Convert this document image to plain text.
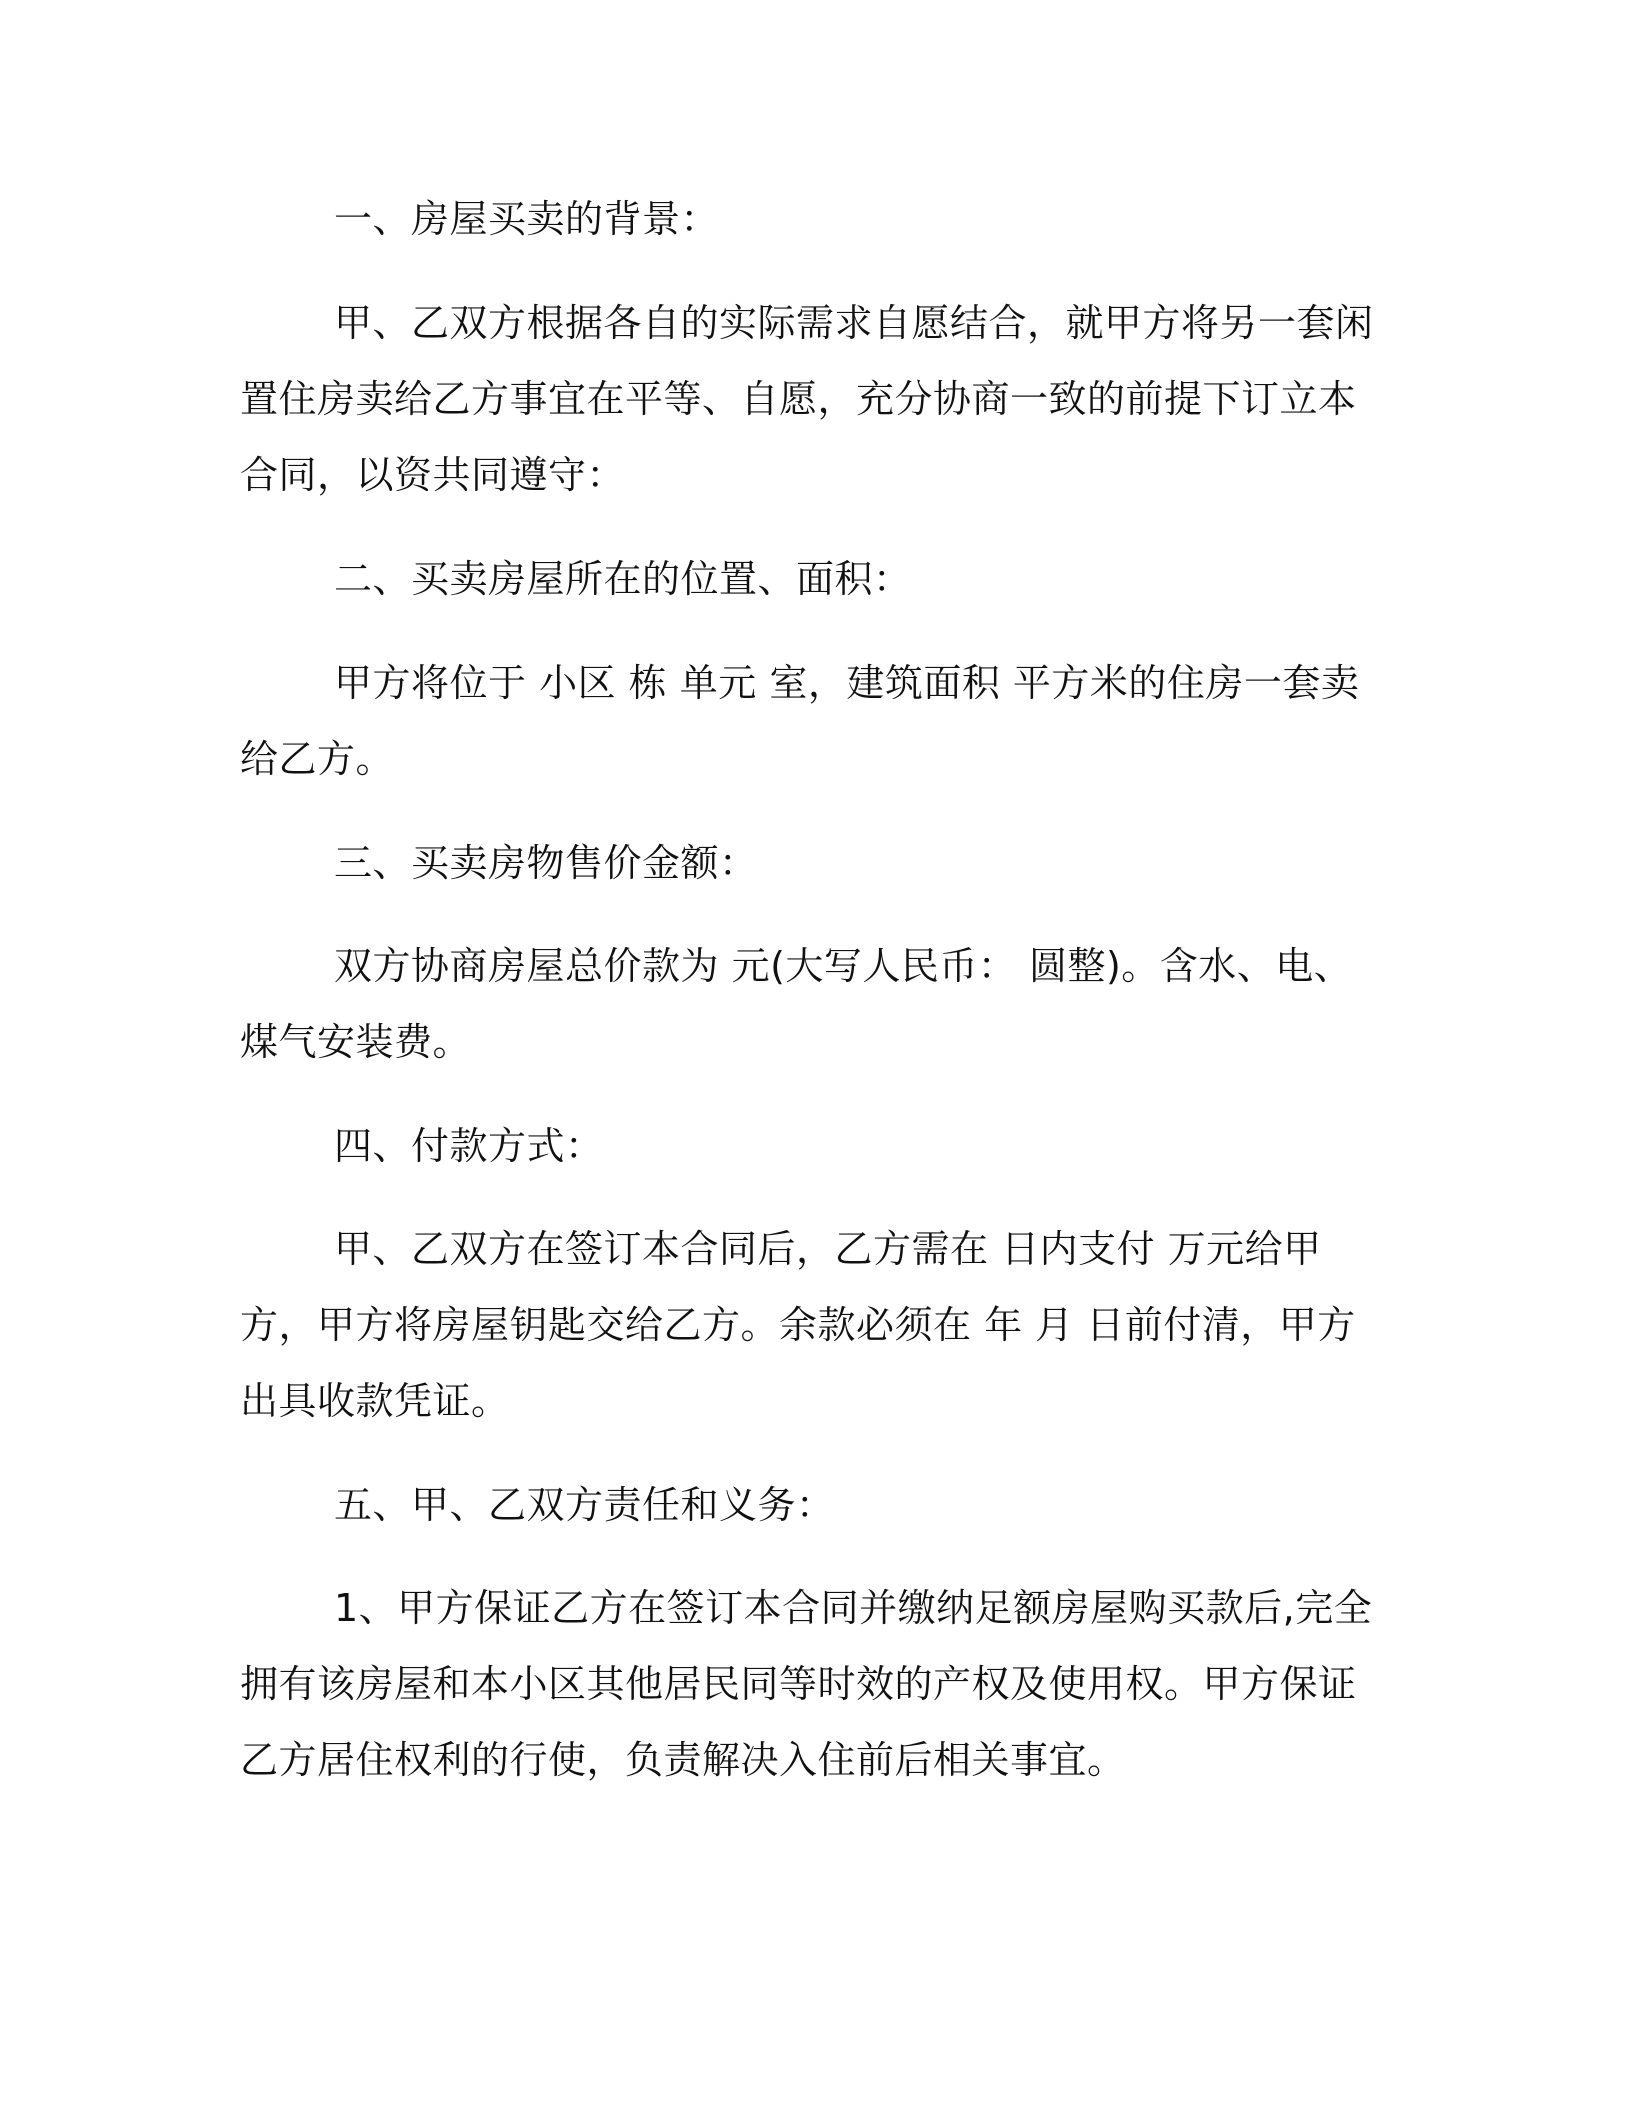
一、房屋买卖的背景：

甲、乙双方根据各自的实际需求自愿结合，就甲方将另一套闲置住房卖给乙方事宜在平等、自愿，充分协商一致的前提下订立本合同，以资共同遵守：

二、买卖房屋所在的位置、面积：

甲方将位于 小区 栋 单元 室，建筑面积 平方米的住房一套卖给乙方。

三、买卖房物售价金额：

双方协商房屋总价款为 元(大写人民币： 圆整)。含水、电、煤气安装费。

四、付款方式：

甲、乙双方在签订本合同后，乙方需在 日内支付 万元给甲方，甲方将房屋钥匙交给乙方。余款必须在 年 月 日前付清，甲方出具收款凭证。

五、甲、乙双方责任和义务：

1、甲方保证乙方在签订本合同并缴纳足额房屋购买款后,完全拥有该房屋和本小区其他居民同等时效的产权及使用权。甲方保证乙方居住权利的行使，负责解决入住前后相关事宜。
